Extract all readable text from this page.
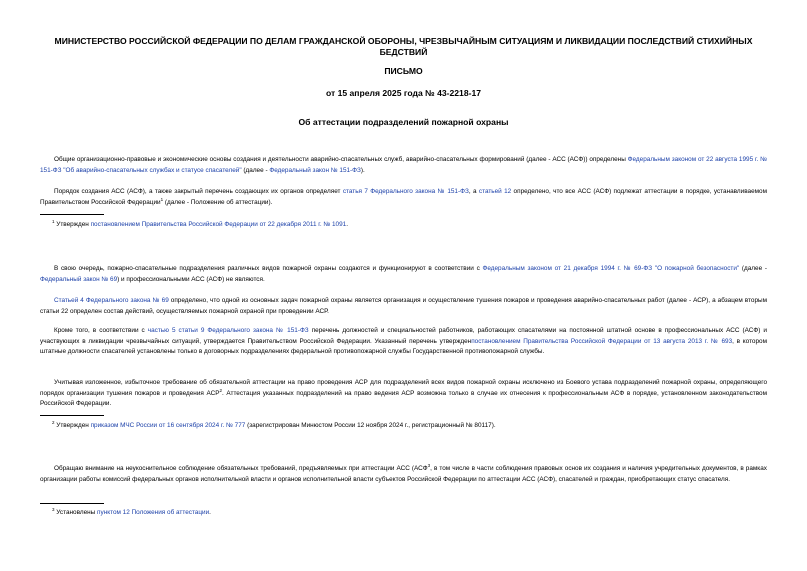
МИНИСТЕРСТВО РОССИЙСКОЙ ФЕДЕРАЦИИ ПО ДЕЛАМ ГРАЖДАНСКОЙ ОБОРОНЫ, ЧРЕЗВЫЧАЙНЫМ СИТУАЦИЯМ И ЛИКВИДАЦИИ ПОСЛЕДСТВИЙ СТИХИЙНЫХ БЕДСТВИЙ
ПИСЬМО
от 15 апреля 2025 года № 43-2218-17
Об аттестации подразделений пожарной охраны
Общие организационно-правовые и экономические основы создания и деятельности аварийно-спасательных служб, аварийно-спасательных формирований (далее - АСС (АСФ)) определены Федеральным законом от 22 августа 1995 г. № 151-ФЗ "Об аварийно-спасательных службах и статусе спасателей" (далее - Федеральный закон № 151-ФЗ).
Порядок создания АСС (АСФ), а также закрытый перечень создающих их органов определяет статья 7 Федерального закона № 151-ФЗ, а статьей 12 определено, что все АСС (АСФ) подлежат аттестации в порядке, устанавливаемом Правительством Российской Федерации$^1$ (далее - Положение об аттестации).
$^1$ Утвержден постановлением Правительства Российской Федерации от 22 декабря 2011 г. № 1091.
В свою очередь, пожарно-спасательные подразделения различных видов пожарной охраны создаются и функционируют в соответствии с Федеральным законом от 21 декабря 1994 г. № 69-ФЗ "О пожарной безопасности" (далее - Федеральный закон № 69) и профессиональными АСС (АСФ) не являются.
Статьей 4 Федерального закона № 69 определено, что одной из основных задач пожарной охраны является организация и осуществление тушения пожаров и проведения аварийно-спасательных работ (далее - АСР), а абзацем вторым статьи 22 определен состав действий, осуществляемых пожарной охраной при проведении АСР.
Кроме того, в соответствии с частью 5 статьи 9 Федерального закона № 151-ФЗ перечень должностей и специальностей работников, работающих спасателями на постоянной штатной основе в профессиональных АСС (АСФ) и участвующих в ликвидации чрезвычайных ситуаций, утверждается Правительством Российской Федерации. Указанный перечень утвержденпостановлением Правительства Российской Федерации от 13 августа 2013 г. № 693, в котором штатные должности спасателей установлены только в договорных подразделениях федеральной противопожарной службы Государственной противопожарной службы.
Учитывая изложенное, избыточное требование об обязательной аттестации на право проведения АСР для подразделений всех видов пожарной охраны исключено из Боевого устава подразделений пожарной охраны, определяющего порядок организации тушения пожаров и проведения АСР$^2$. Аттестация указанных подразделений на право ведения АСР возможна только в случае их отнесения к профессиональным АСФ в порядке, установленном законодательством Российской Федерации.
$^2$ Утвержден приказом МЧС России от 16 сентября 2024 г. № 777 (зарегистрирован Минюстом России 12 ноября 2024 г., регистрационный № 80117).
Обращаю внимание на неукоснительное соблюдение обязательных требований, предъявляемых при аттестации АСС (АСФ$^3$, в том числе в части соблюдения правовых основ их создания и наличия учредительных документов, в рамках организации работы комиссий федеральных органов исполнительной власти и органов исполнительной власти субъектов Российской Федерации по аттестации АСС (АСФ), спасателей и граждан, приобретающих статус спасателя.
$^3$ Установлены пунктом 12 Положения об аттестации.
